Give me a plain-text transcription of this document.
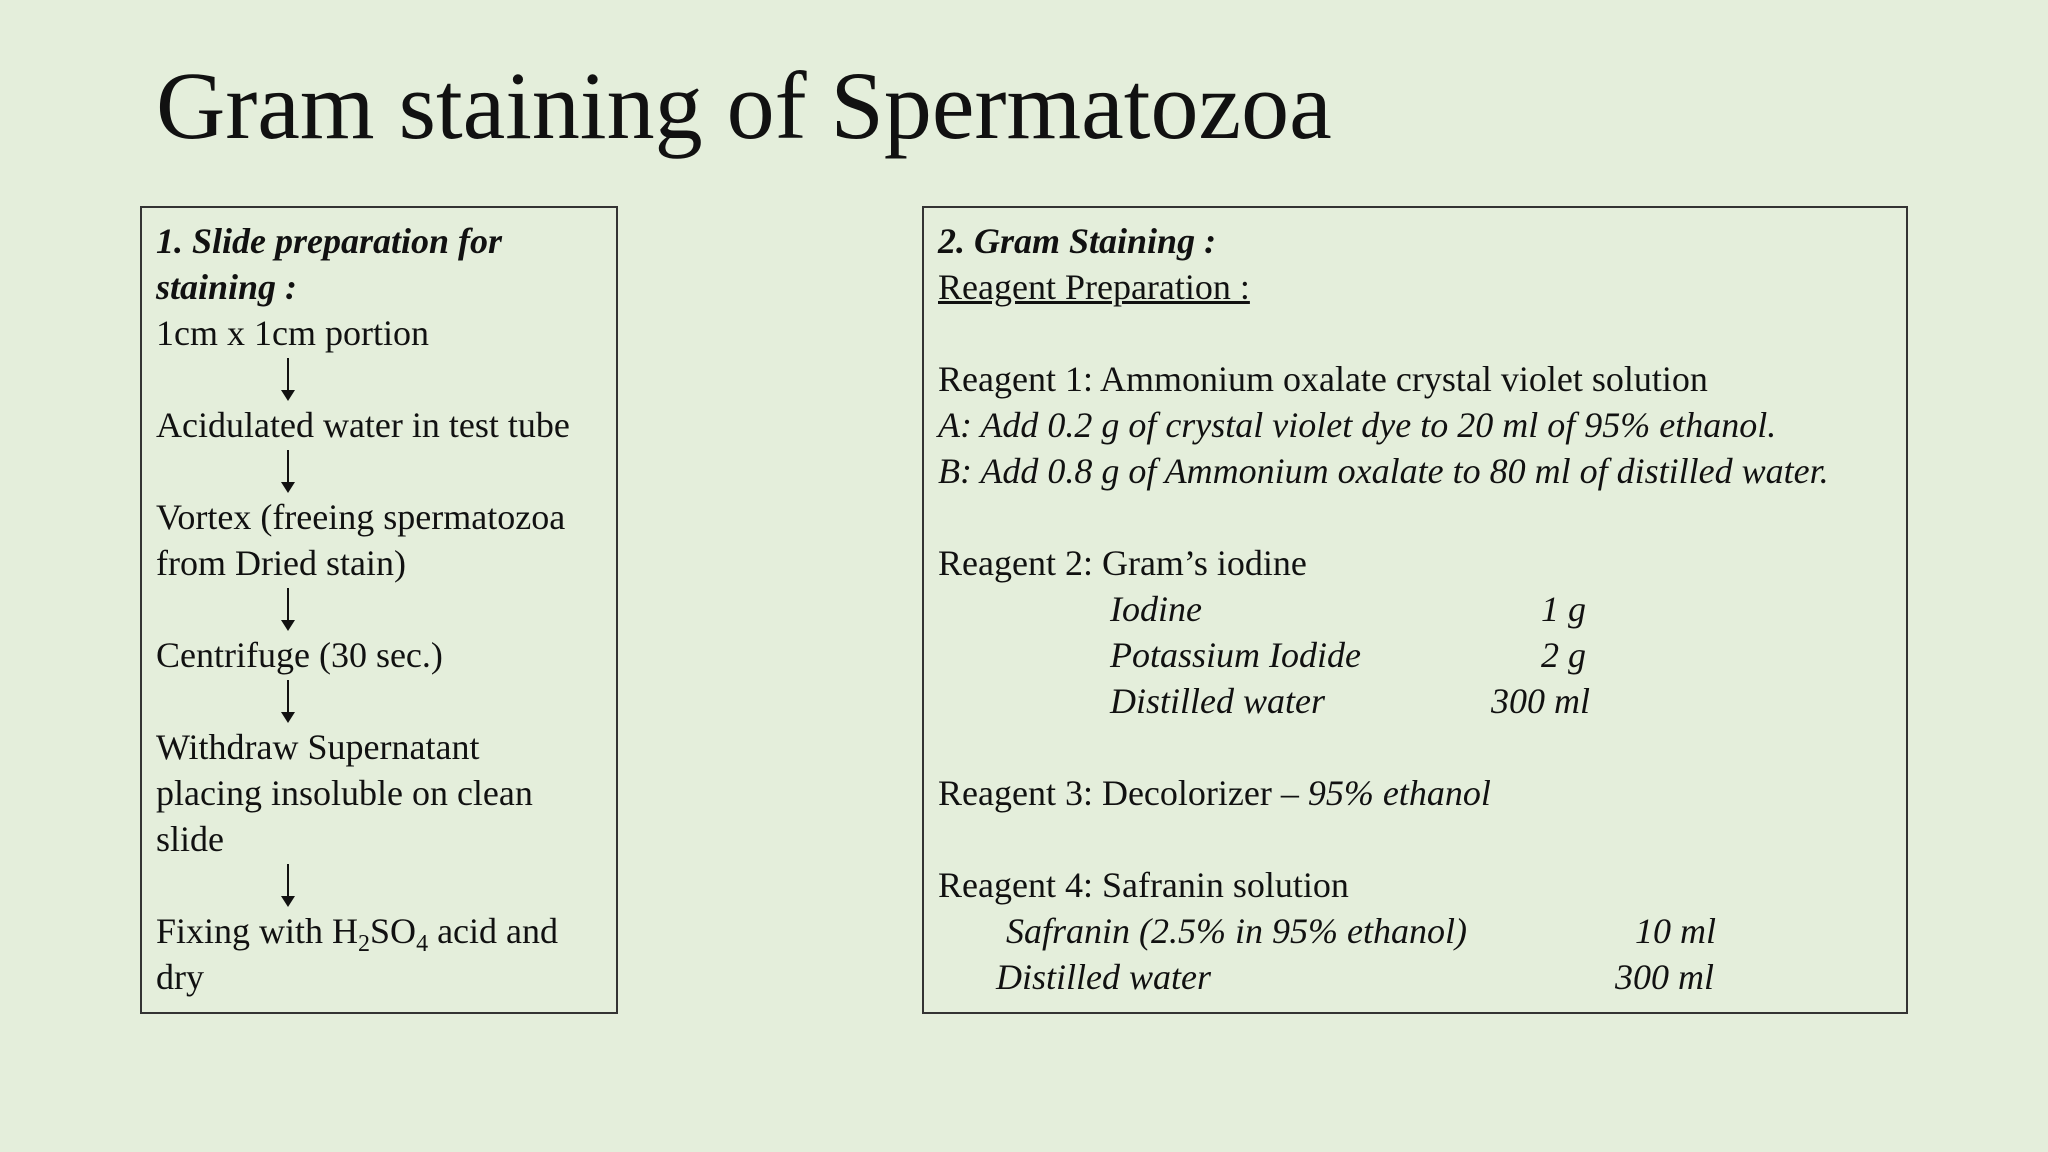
Gram staining of Spermatozoa
1. Slide preparation for
staining :
1cm x 1cm portion
Acidulated water in test tube
Vortex (freeing spermatozoa
from Dried stain)
Centrifuge (30 sec.)
Withdraw Supernatant
placing insoluble on clean
slide
Fixing with $H_2SO_4$ acid and
dry
2. Gram Staining :
Reagent Preparation :
Reagent 1: Ammonium oxalate crystal violet solution
A: Add 0.2 g of crystal violet dye to 20 ml of 95% ethanol.
B: Add 0.8 g of Ammonium oxalate to 80 ml of distilled water.
Reagent 2: Gram’s iodine
Iodine	1 g
Potassium Iodide	2 g
Distilled water	300 ml
Reagent 3: Decolorizer – 95% ethanol
Reagent 4: Safranin solution
Safranin (2.5% in 95% ethanol)	10 ml
Distilled water	300 ml
